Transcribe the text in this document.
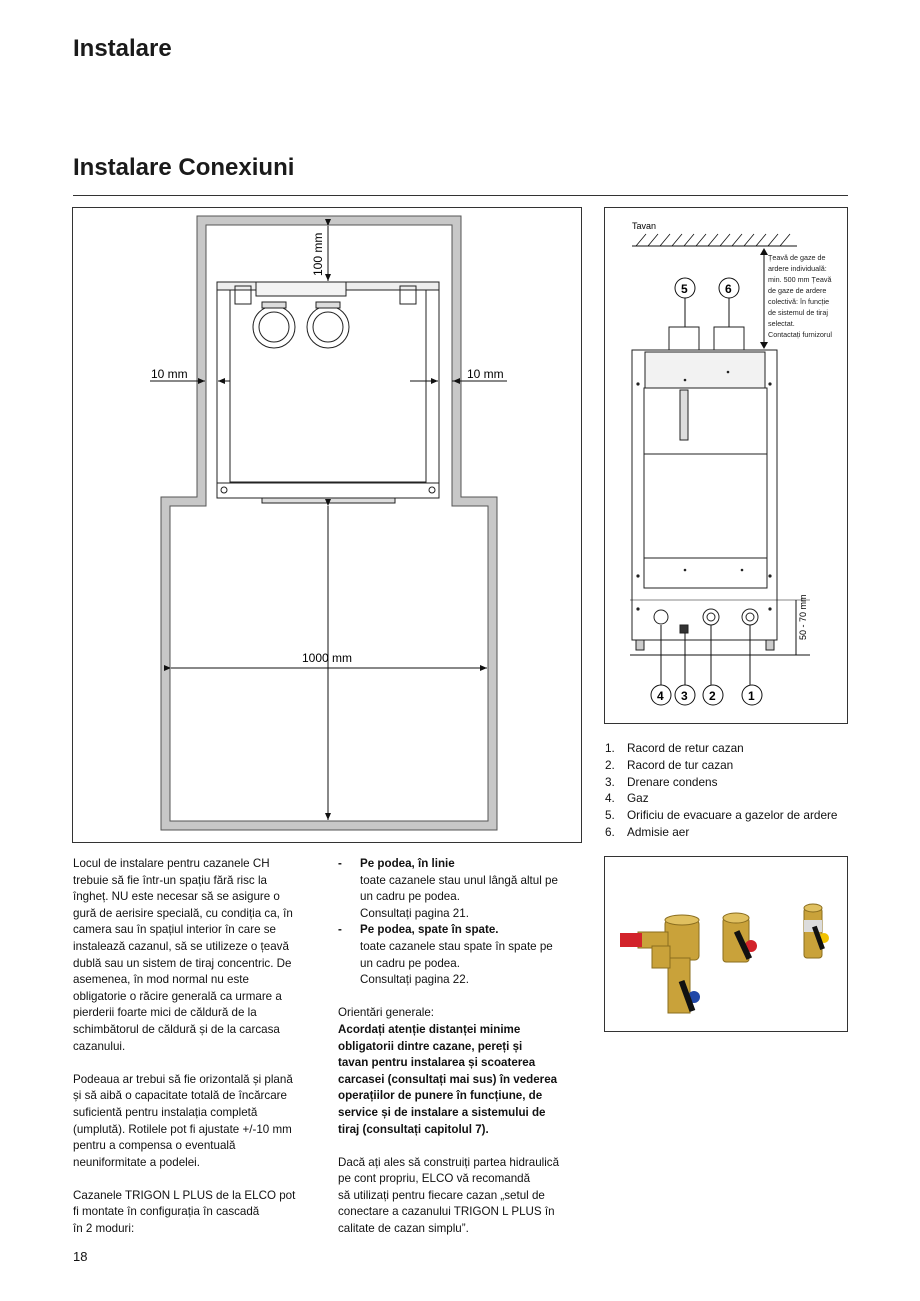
Instalare
Instalare Conexiuni
100 mm
10 mm	10 mm
1000 mm
Tavan
Țeavă de gaze de
ardere individuală:
min. 500 mm Țeavă
de gaze de ardere
colectivă: în funcție
de sistemul de tiraj
selectat.
Contactați furnizorul
5	6
50 - 70 mm
4 3 2	1
1.	Racord de retur cazan
2.	Racord de tur cazan
3.	Drenare condens
4.	Gaz
5.	Orificiu de evacuare a gazelor de ardere
6.	Admisie aer

Locul de instalare pentru cazanele CH
trebuie să fie într-un spațiu fără risc la
îngheț. NU este necesar să se asigure o
gură de aerisire specială, cu condiția ca, în
camera sau în spațiul interior în care se
instalează cazanul, să se utilizeze o țeavă
dublă sau un sistem de tiraj concentric. De
asemenea, în mod normal nu este
obligatorie o răcire generală ca urmare a
pierderii foarte mici de căldură de la
schimbătorul de căldură și de la carcasa
cazanului.

Podeaua ar trebui să fie orizontală și plană
și să aibă o capacitate totală de încărcare
suficientă pentru instalația completă
(umplută). Rotilele pot fi ajustate +/-10 mm
pentru a compensa o eventuală
neuniformitate a podelei.

Cazanele TRIGON L PLUS de la ELCO pot
fi montate în configurația în cascadă
în 2 moduri:

-	Pe podea, în linie
toate cazanele stau unul lângă altul pe
un cadru pe podea.
Consultați pagina 21.
-	Pe podea, spate în spate.
toate cazanele stau spate în spate pe
un cadru pe podea.
Consultați pagina 22.

Orientări generale:

Acordați atenție distanței minime
obligatorii dintre cazane, pereți și
tavan pentru instalarea și scoaterea
carcasei (consultați mai sus) în vederea
operațiilor de punere în funcțiune, de
service și de instalare a sistemului de
tiraj (consultați capitolul 7).

Dacă ați ales să construiți partea hidraulică
pe cont propriu, ELCO vă recomandă
să utilizați pentru fiecare cazan „setul de
conectare a cazanului TRIGON L PLUS în
calitate de cazan simplu”.

18
